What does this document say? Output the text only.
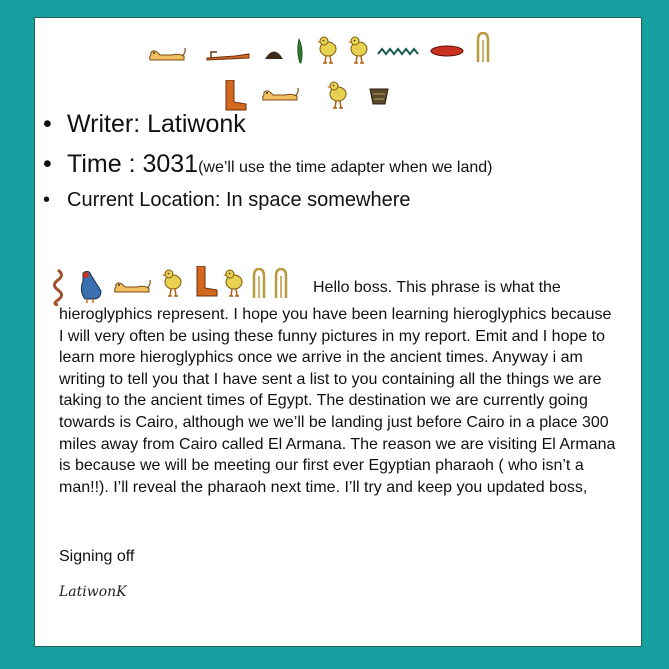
• Writer: Latiwonk
• Time : 3031(we’ll use the time adapter when we land)
• Current Location: In space somewhere
Hello boss. This phrase is what the
hieroglyphics represent. I hope you have been learning hieroglyphics because I will very often be using these funny pictures in my report. Emit and I hope to learn more hieroglyphics once we arrive in the ancient times. Anyway i am writing to tell you that I have sent a list to you containing all the things we are taking to the ancient times of Egypt. The destination we are currently going towards is Cairo, although we we’ll be landing just before Cairo in a place 300 miles away from Cairo called El Armana. The reason we are visiting El Armana is because we will be meeting our first ever Egyptian pharaoh ( who isn’t a man!!). I’ll reveal the pharaoh next time. I’ll try and keep you updated boss,
Signing off
LatiwonK
